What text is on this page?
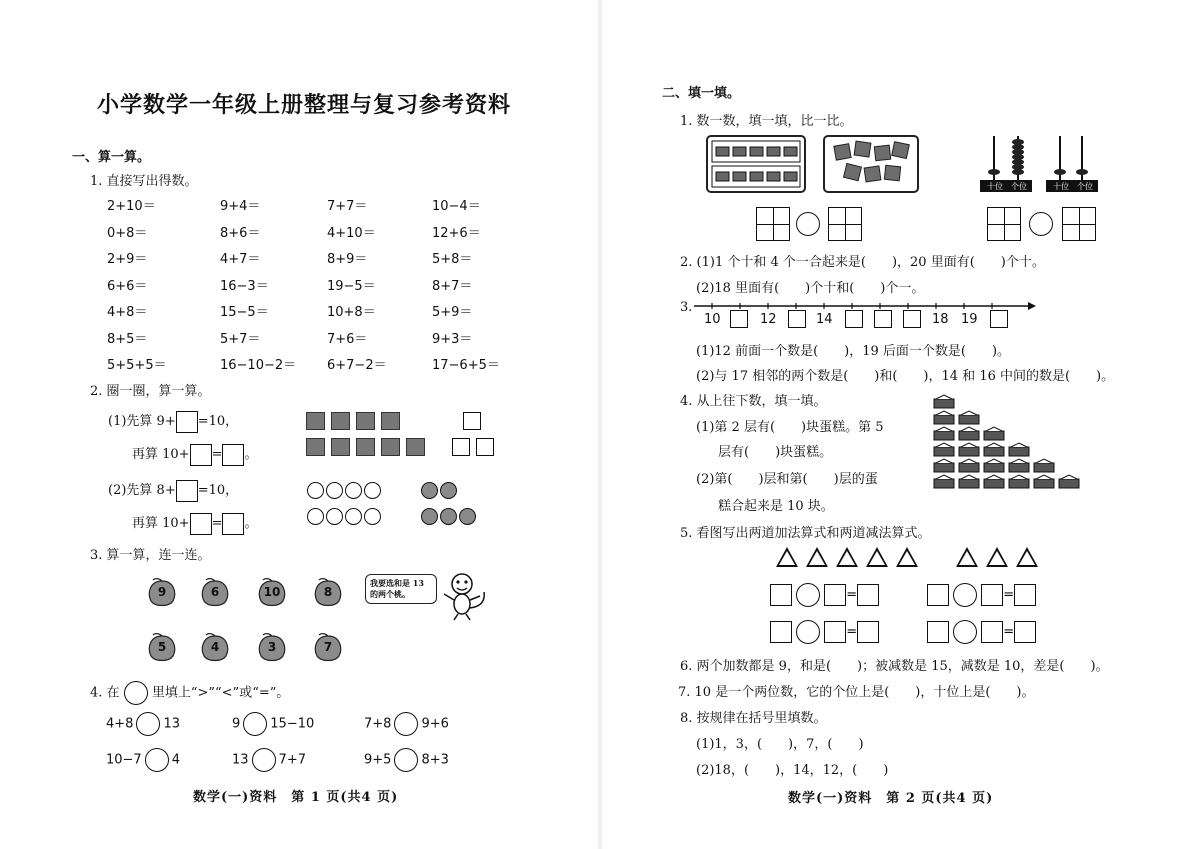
小学数学一年级上册整理与复习参考资料
一、算一算。
1. 直接写出得数。
2+10＝	9+4＝	7+7＝	10−4＝
0+8＝	8+6＝	4+10＝	12+6＝
2+9＝	4+7＝	8+9＝	5+8＝
6+6＝	16−3＝	19−5＝	8+7＝
4+8＝	15−5＝	10+8＝	5+9＝
8+5＝	5+7＝	7+6＝	9+3＝
5+5+5＝	16−10−2＝ 6+7−2＝	17−6+5＝
2. 圈一圈，算一算。
(1)先算 9+ =10，
再算 10+ = 。
(2)先算 8+ =10，
再算 10+ = 。
3. 算一算，连一连。
9	6	10	8
5	4	3	7
我要选和是 13 的两个桃。
4. 在 里填上“>”“<”或“=”。
4+8 13	9 15−10	7+8 9+6
10−7 4	13 7+7	9+5 8+3
数学(一)资料　第 1 页(共4 页)
二、填一填。
1. 数一数，填一填，比一比。
十位	个位	十位	个位
2. (1)1 个十和 4 个一合起来是(　　)，20 里面有(　　)个十。
(2)18 里面有(　　)个十和(　　)个一。
3.
10	12	14	18 19
(1)12 前面一个数是(　　)，19 后面一个数是(　　)。
(2)与 17 相邻的两个数是(　　)和(　　)，14 和 16 中间的数是(　　)。
4. 从上往下数，填一填。
(1)第 2 层有(　　)块蛋糕。第 5
层有(　　)块蛋糕。
(2)第(　　)层和第(　　)层的蛋
糕合起来是 10 块。
5. 看图写出两道加法算式和两道减法算式。
=
=
=
=
6. 两个加数都是 9，和是(　　)；被减数是 15，减数是 10，差是(　　)。
7. 10 是一个两位数，它的个位上是(　　)，十位上是(　　)。
8. 按规律在括号里填数。
(1)1，3，(　　)，7，(　　)
(2)18，(　　)，14，12，(　　)
数学(一)资料　第 2 页(共4 页)
